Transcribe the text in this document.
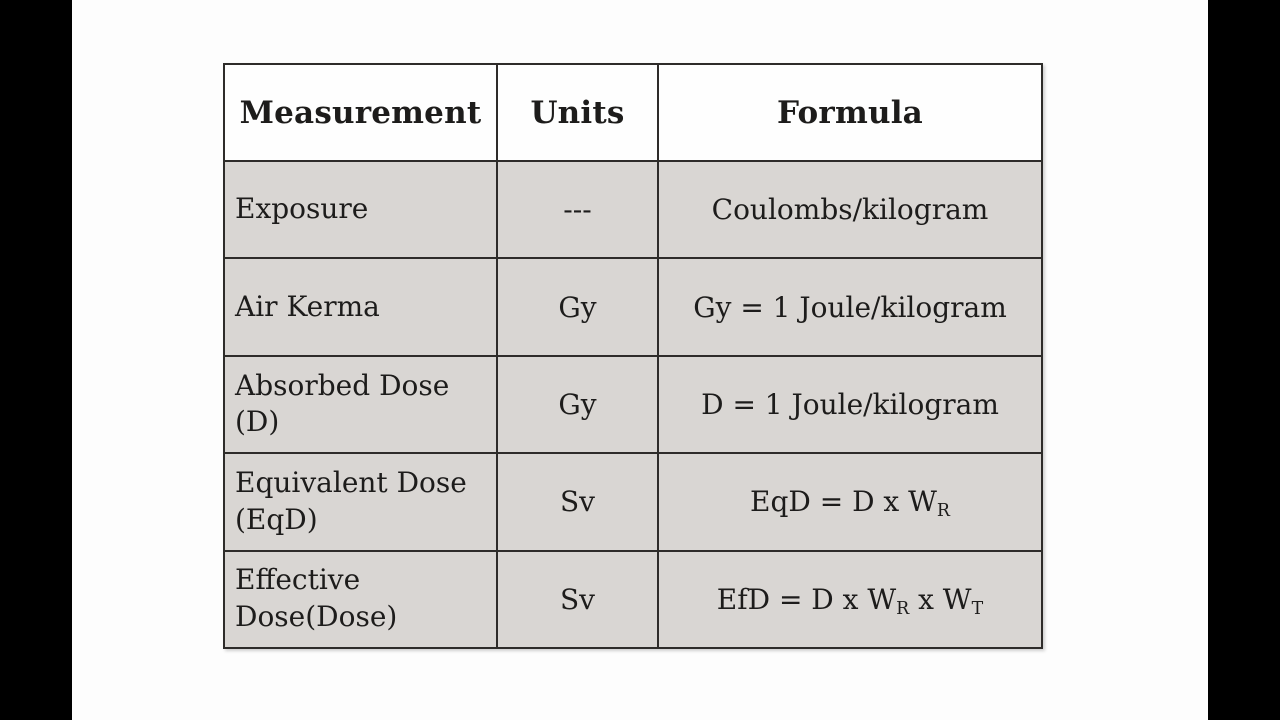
Measurement	Units	Formula
Exposure	---	Coulombs/kilogram
Air Kerma	Gy	Gy = 1 Joule/kilogram
Absorbed Dose (D)	Gy	D = 1 Joule/kilogram
Equivalent Dose (EqD)	Sv	EqD = D x $W_R$
Effective Dose(Dose)	Sv	EfD = D x $W_R$ x $W_T$
